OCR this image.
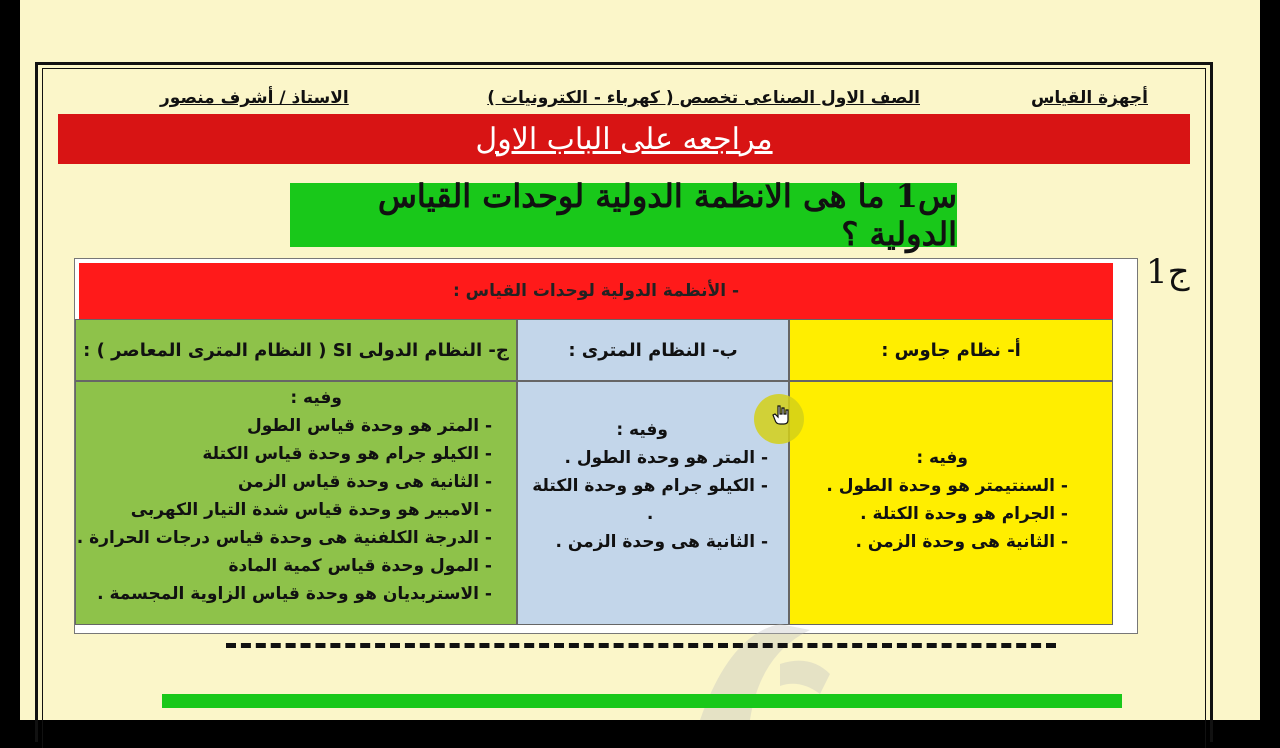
أجهزة القياس
الصف الاول الصناعى تخصص ( كهرباء - الكترونيات )
الاستاذ / أشرف منصور
مراجعه على الباب الاول
س1 ما هى الانظمة الدولية لوحدات القياس الدولية ؟
ج1
- الأنظمة الدولية لوحدات القياس :
أ- نظام جاوس :
ب- النظام المترى :
ج- النظام الدولى SI ( النظام المترى المعاصر ) :
وفيه :
- السنتيمتر هو وحدة الطول .
- الجرام هو وحدة الكتلة .
- الثانية هى وحدة الزمن .
وفيه :
- المتر هو وحدة الطول .
- الكيلو جرام هو وحدة الكتلة
.
- الثانية هى وحدة الزمن .
وفيه :
- المتر هو وحدة قياس الطول
- الكيلو جرام هو وحدة قياس الكتلة
- الثانية هى وحدة قياس الزمن
- الامبير هو وحدة قياس شدة التيار الكهربى
- الدرجة الكلفنية هى وحدة قياس درجات الحرارة .
- المول وحدة قياس كمية المادة
- الاستربديان هو وحدة قياس الزاوية المجسمة .
